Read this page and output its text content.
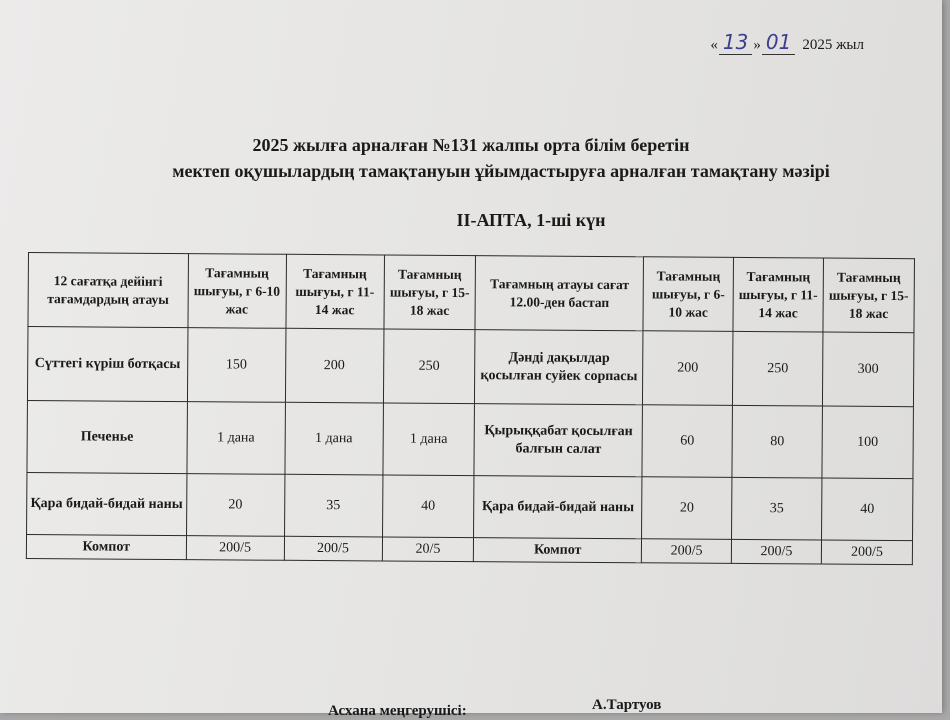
« 13 » 01 2025 жыл
2025 жылға арналған №131 жалпы орта білім беретін
мектеп оқушылардың тамақтануын ұйымдастыруға арналған тамақтану мәзірі
ІІ-АПТА, 1-ші күн
12 сағатқа дейінгі тағамдардың атауы	Тағамның шығуы, г 6-10 жас	Тағамның шығуы, г 11-14 жас	Тағамның шығуы, г 15-18 жас	Тағамның атауы сағат 12.00-ден бастап	Тағамның шығуы, г 6-10 жас	Тағамның шығуы, г 11-14 жас	Тағамның шығуы, г 15-18 жас
Сүттегі күріш ботқасы	150	200	250	Дәнді дақылдар қосылған суйек сорпасы	200	250	300
Печенье	1 дана	1 дана	1 дана	Қырыққабат қосылған балғын салат	60	80	100
Қара бидай-бидай наны	20	35	40	Қара бидай-бидай наны	20	35	40
Компот	200/5	200/5	20/5	Компот	200/5	200/5	200/5
Асхана меңгерушісі:	А.Тартуов
